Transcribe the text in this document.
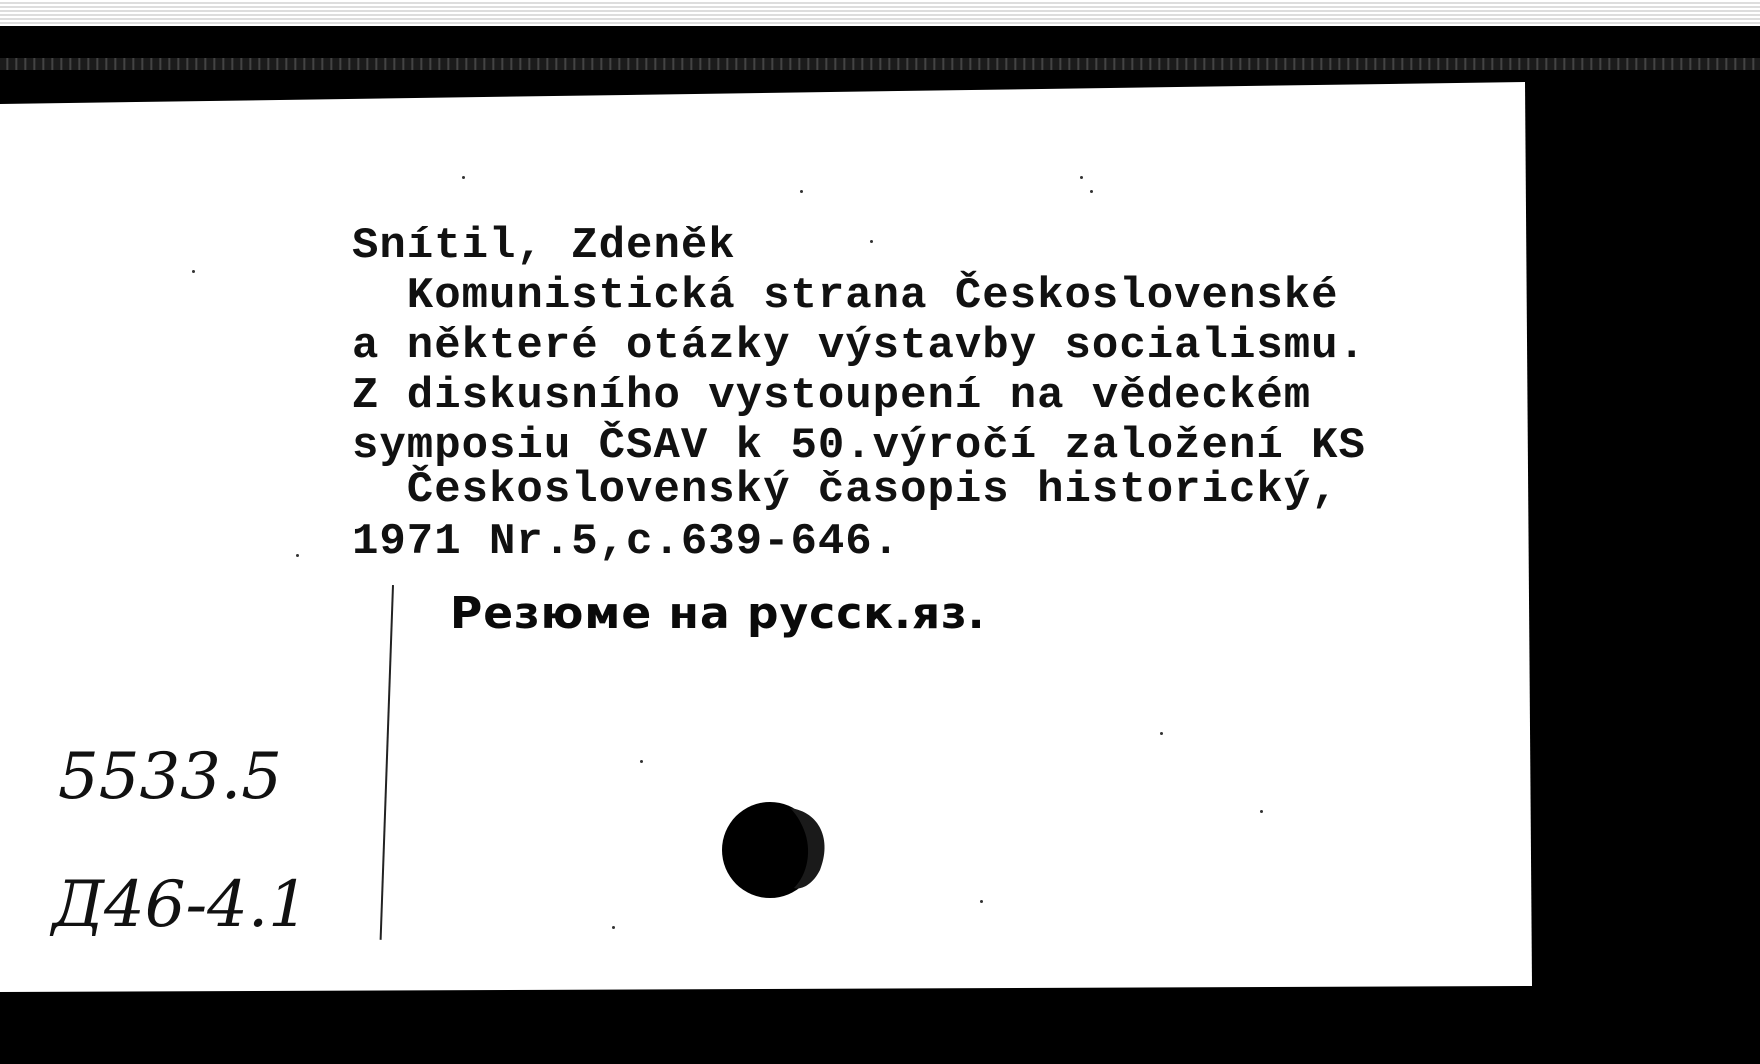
Snítil, Zdeněk
Komunistická strana Československé
a některé otázky výstavby socialismu.
Z diskusního vystoupení na vědeckém
symposiu ČSAV k 50.výročí založení KS
Československý časopis historický,
1971 Nr.5,c.639-646.
Резюме на русск.яз.
5533.5
Д46-4.1
